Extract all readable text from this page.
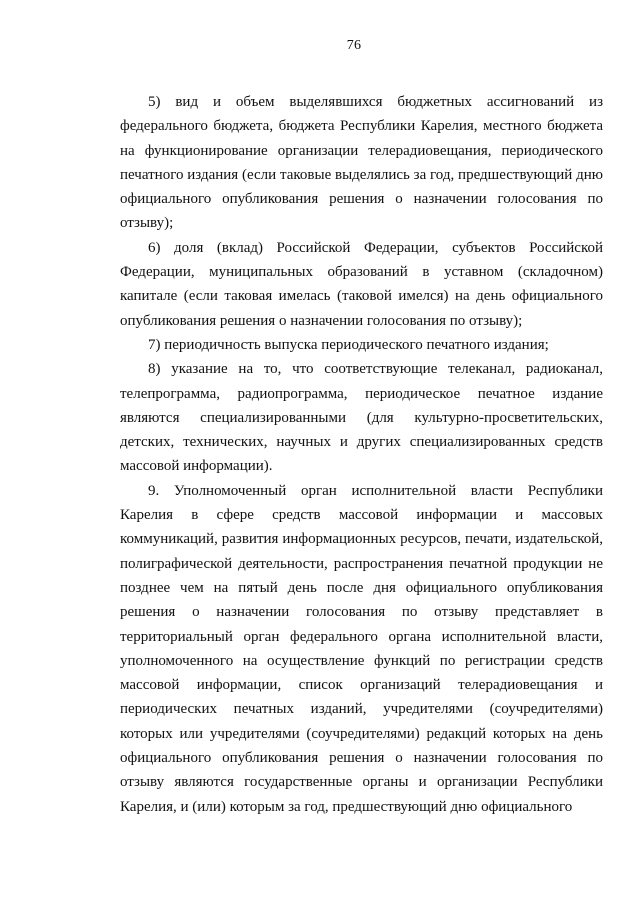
76

5) вид и объем выделявшихся бюджетных ассигнований из федерального бюджета, бюджета Республики Карелия, местного бюджета на функционирование организации телерадиовещания, периодического печатного издания (если таковые выделялись за год, предшествующий дню официального опубликования решения о назначении голосования по отзыву);

6) доля (вклад) Российской Федерации, субъектов Российской Федерации, муниципальных образований в уставном (складочном) капитале (если таковая имелась (таковой имелся) на день официального опубликования решения о назначении голосования по отзыву);

7) периодичность выпуска периодического печатного издания;

8) указание на то, что соответствующие телеканал, радиоканал, телепрограмма, радиопрограмма, периодическое печатное издание являются специализированными (для культурно-просветительских, детских, технических, научных и других специализированных средств массовой информации).

9. Уполномоченный орган исполнительной власти Республики Карелия в сфере средств массовой информации и массовых коммуникаций, развития информационных ресурсов, печати, издательской, полиграфической деятельности, распространения печатной продукции не позднее чем на пятый день после дня официального опубликования решения о назначении голосования по отзыву представляет в территориальный орган федерального органа исполнительной власти, уполномоченного на осуществление функций по регистрации средств массовой информации, список организаций телерадиовещания и периодических печатных изданий, учредителями (соучредителями) которых или учредителями (соучредителями) редакций которых на день официального опубликования решения о назначении голосования по отзыву являются государственные органы и организации Республики Карелия, и (или) которым за год, предшествующий дню официального
